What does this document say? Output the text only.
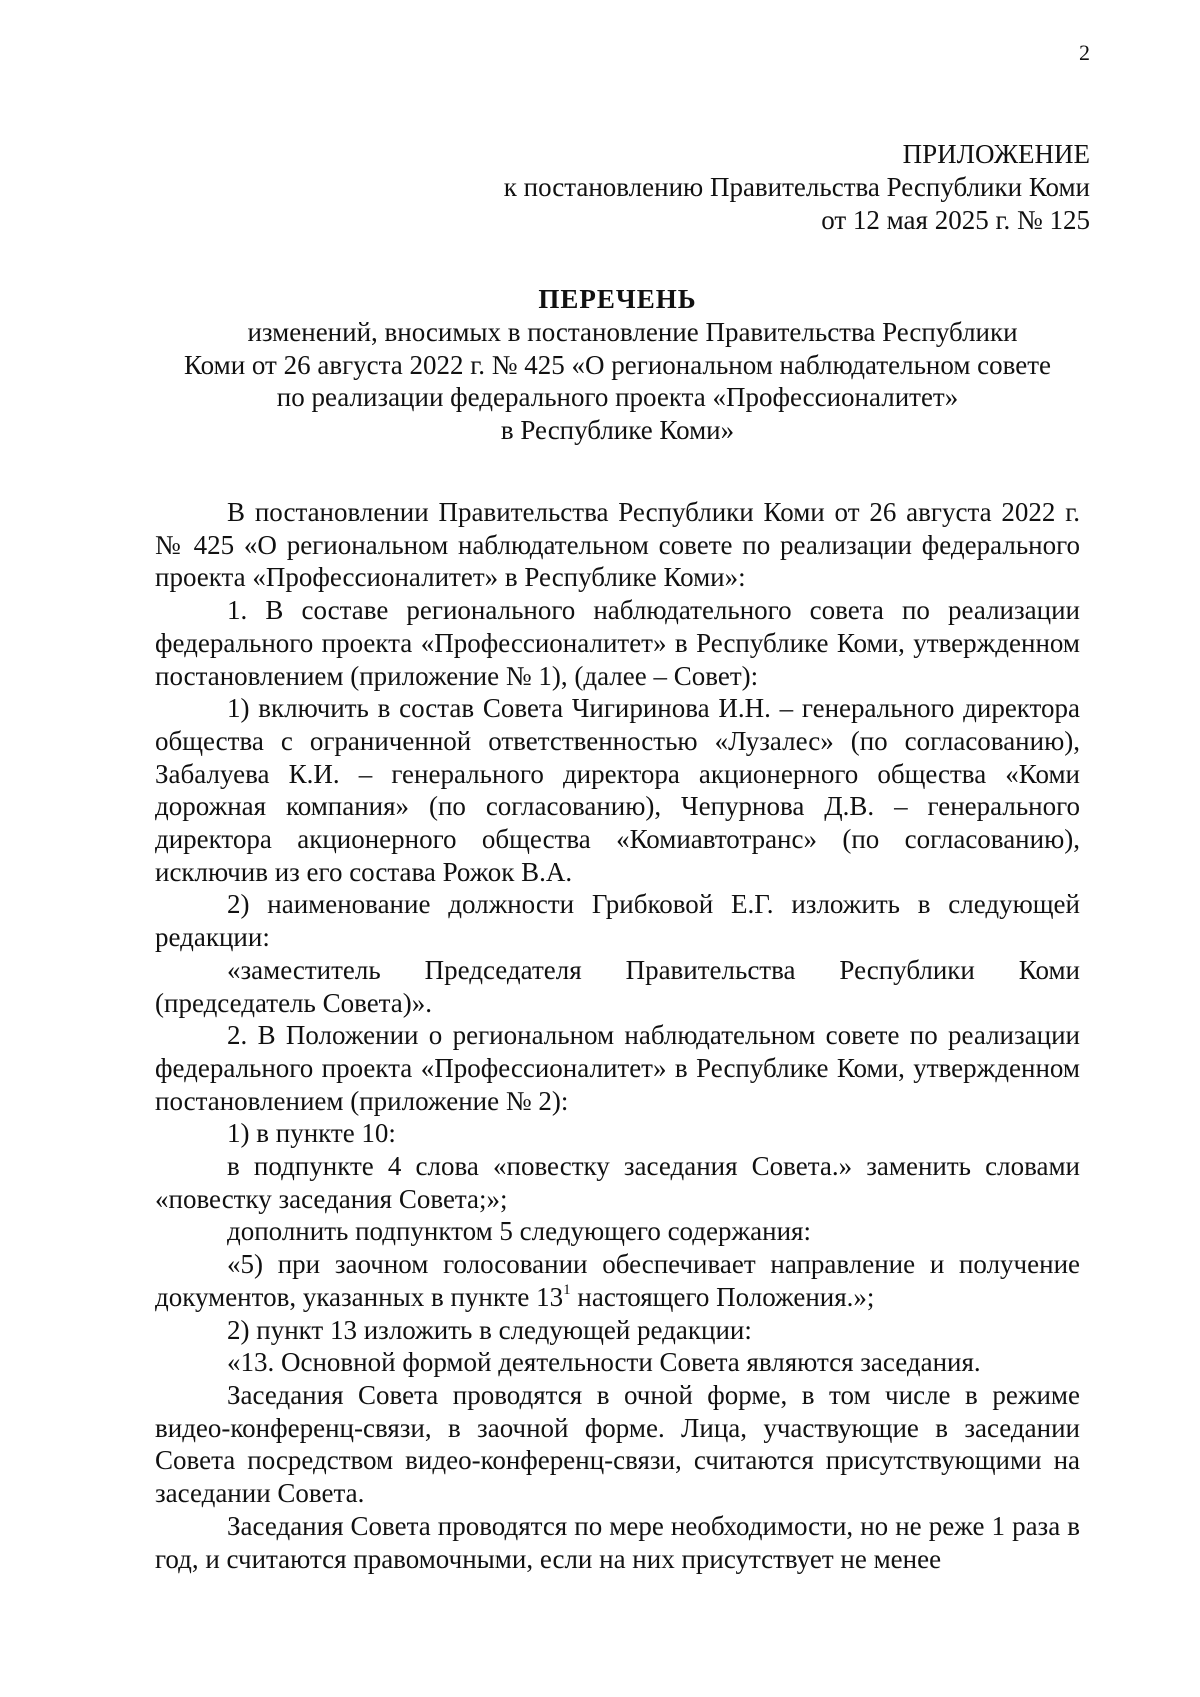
2
ПРИЛОЖЕНИЕ
к постановлению Правительства Республики Коми
от 12 мая 2025 г. № 125
ПЕРЕЧЕНЬ
изменений, вносимых в постановление Правительства Республики
Коми от 26 августа 2022 г. № 425 «О региональном наблюдательном совете
по реализации федерального проекта «Профессионалитет»
в Республике Коми»

В постановлении Правительства Республики Коми от 26 августа 2022 г. № 425 «О региональном наблюдательном совете по реализации федерального проекта «Профессионалитет» в Республике Коми»:

1. В составе регионального наблюдательного совета по реализации федерального проекта «Профессионалитет» в Республике Коми, утвержденном постановлением (приложение № 1), (далее – Совет):

1) включить в состав Совета Чигиринова И.Н. – генерального директора общества с ограниченной ответственностью «Лузалес» (по согласованию), Забалуева К.И. – генерального директора акционерного общества «Коми дорожная компания» (по согласованию), Чепурнова Д.В. – генерального директора акционерного общества «Комиавтотранс» (по согласованию), исключив из его состава Рожок В.А.

2) наименование должности Грибковой Е.Г. изложить в следующей редакции:

«заместитель Председателя Правительства Республики Коми (председатель Совета)».

2. В Положении о региональном наблюдательном совете по реализации федерального проекта «Профессионалитет» в Республике Коми, утвержденном постановлением (приложение № 2):

1) в пункте 10:

в подпункте 4 слова «повестку заседания Совета.» заменить словами «повестку заседания Совета;»;

дополнить подпунктом 5 следующего содержания:

«5) при заочном голосовании обеспечивает направление и получение документов, указанных в пункте $13^1$ настоящего Положения.»;

2) пункт 13 изложить в следующей редакции:

«13. Основной формой деятельности Совета являются заседания.

Заседания Совета проводятся в очной форме, в том числе в режиме видео-конференц-связи, в заочной форме. Лица, участвующие в заседании Совета посредством видео-конференц-связи, считаются присутствующими на заседании Совета.

Заседания Совета проводятся по мере необходимости, но не реже 1 раза в год, и считаются правомочными, если на них присутствует не менее
